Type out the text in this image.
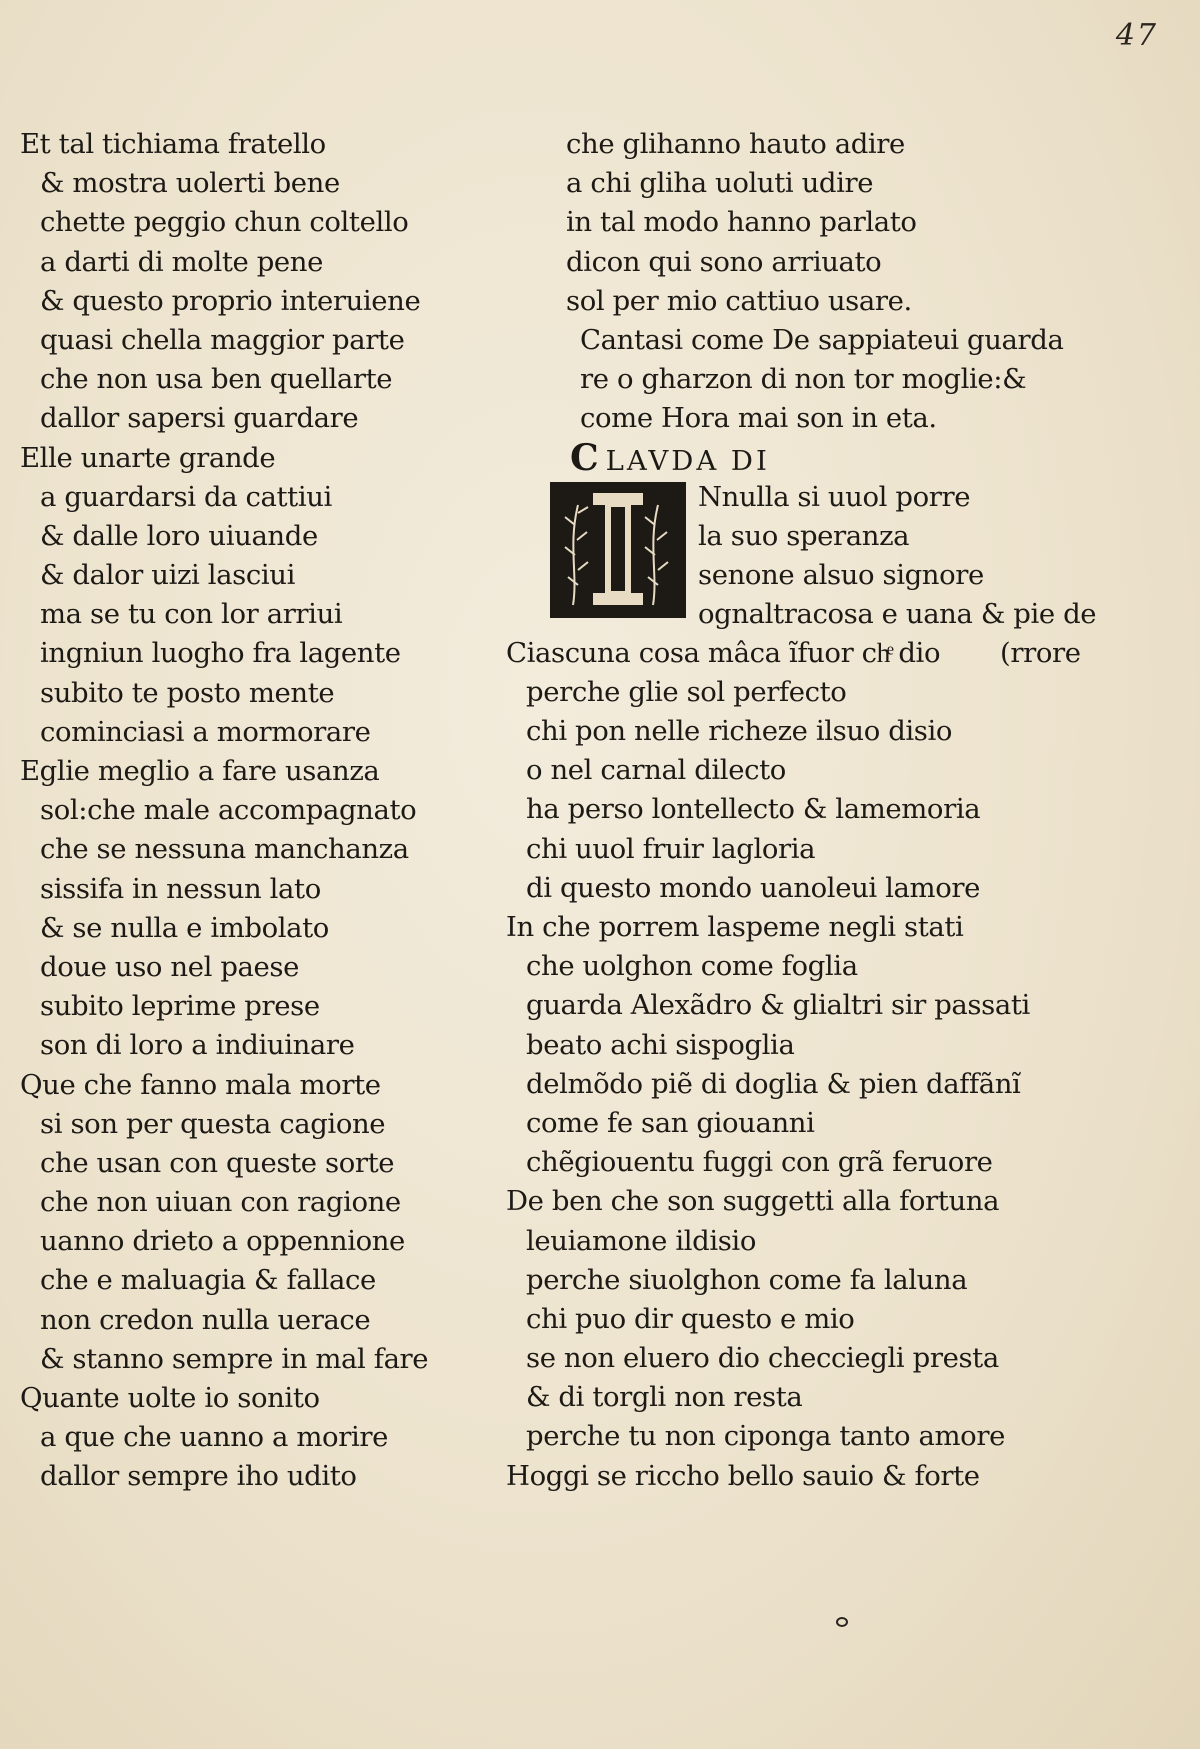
47
Et tal tichiama fratello
& mostra uolerti bene
chette peggio chun coltello
a darti di molte pene
& questo proprio interuiene
quasi chella maggior parte
che non usa ben quellarte
dallor sapersi guardare
Elle unarte grande
a guardarsi da cattiui
& dalle loro uiuande
& dalor uizi lasciui
ma se tu con lor arriui
ingniun luogho fra lagente
subito te posto mente
cominciasi a mormorare
Eglie meglio a fare usanza
sol:che male accompagnato
che se nessuna manchanza
sissifa in nessun lato
& se nulla e imbolato
doue uso nel paese
subito leprime prese
son di loro a indiuinare
Que che fanno mala morte
si son per questa cagione
che usan con queste sorte
che non uiuan con ragione
uanno drieto a oppennione
che e maluagia & fallace
non credon nulla uerace
& stanno sempre in mal fare
Quante uolte io sonito
a que che uanno a morire
dallor sempre iho udito
che glihanno hauto adire
a chi gliha uoluti udire
in tal modo hanno parlato
dicon qui sono arriuato
sol per mio cattiuo usare.
Cantasi come De sappiateui guarda
re o gharzon di non tor moglie:&
come Hora mai son in eta.
C LAVDA DI
Nnulla si uuol porre
la suo speranza
senone alsuo signore
ognaltracosa e uana & pie de
Ciascuna cosa mâca ĩfuor chͤ dio	(rrore
perche glie sol perfecto
chi pon nelle richeze ilsuo disio
o nel carnal dilecto
ha perso lontellecto & lamemoria
chi uuol fruir lagloria
di questo mondo uanoleui lamore
In che porrem laspeme negli stati
che uolghon come foglia
guarda Alexãdro & glialtri sir passati
beato achi sispoglia
delmõdo piẽ di doglia & pien daffãnĩ
come fe san giouanni
chẽgiouentu fuggi con grã feruore
De ben che son suggetti alla fortuna
leuiamone ildisio
perche siuolghon come fa laluna
chi puo dir questo e mio
se non eluero dio checciegli presta
& di torgli non resta
perche tu non ciponga tanto amore
Hoggi se riccho bello sauio & forte
